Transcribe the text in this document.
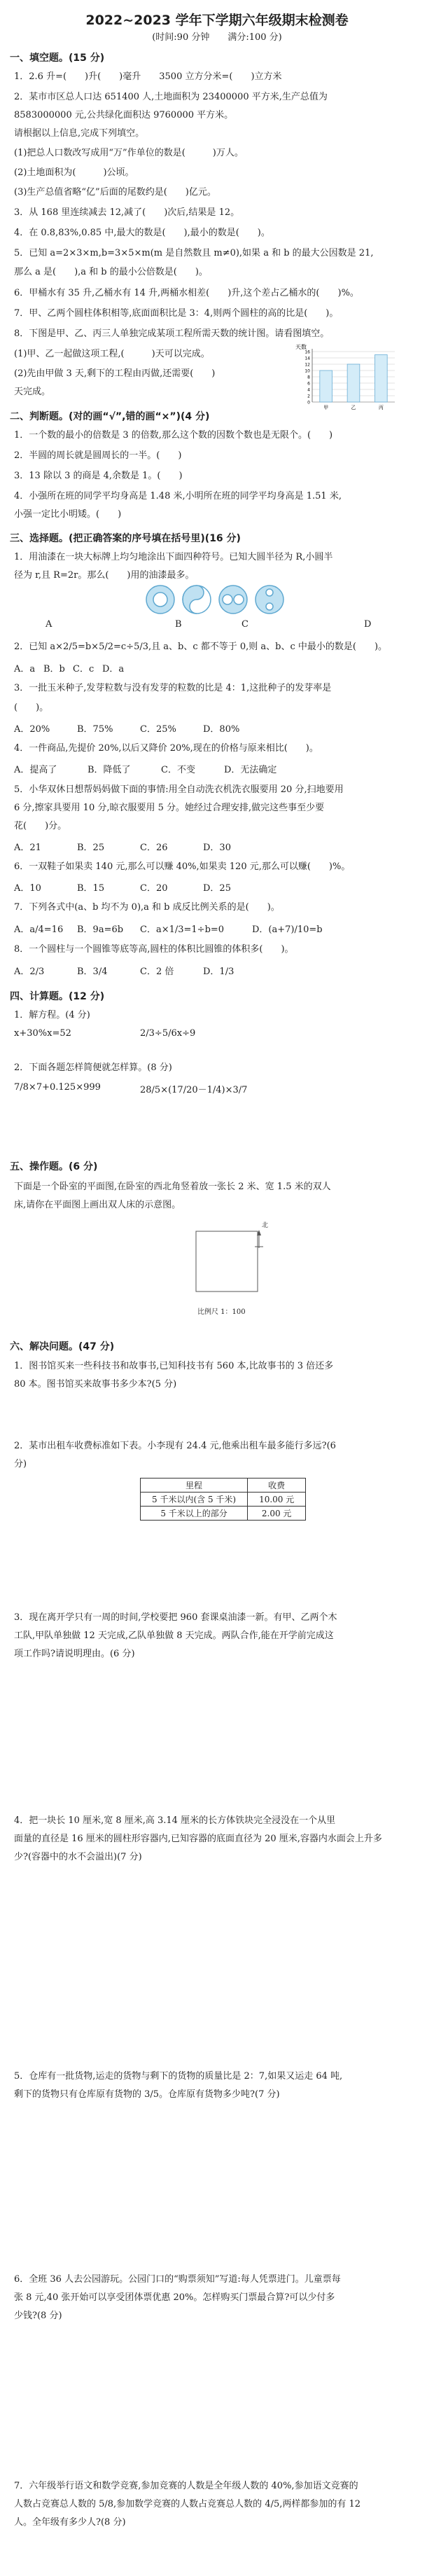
2022~2023 学年下学期六年级期末检测卷
(时间:90 分钟　　满分:100 分)
一、填空题。(15 分)
1．2.6 升=(　　)升(　　)毫升　　3500 立方分米=(　　)立方米
2．某市市区总人口达 651400 人,土地面积为 23400000 平方米,生产总值为
8583000000 元,公共绿化面积达 9760000 平方米。
请根据以上信息,完成下列填空。
(1)把总人口数改写成用“万”作单位的数是(　　　)万人。
(2)土地面积为(　　　)公顷。
(3)生产总值省略“亿”后面的尾数约是(　　)亿元。
3．从 168 里连续减去 12,减了(　　)次后,结果是 12。
4．在 0.8,83%,0.85 中,最大的数是(　　),最小的数是(　　)。
5．已知 a=2×3×m,b=3×5×m(m 是自然数且 m≠0),如果 a 和 b 的最大公因数是 21,
那么 a 是(　　),a 和 b 的最小公倍数是(　　)。
6．甲桶水有 35 升,乙桶水有 14 升,两桶水相差(　　)升,这个差占乙桶水的(　　)%。
7．甲、乙两个圆柱体积相等,底面面积比是 3：4,则两个圆柱的高的比是(　　)。
8．下图是甲、乙、丙三人单独完成某项工程所需天数的统计图。请看图填空。
(1)甲、乙一起做这项工程,(　　　)天可以完成。
(2)先由甲做 3 天,剩下的工程由丙做,还需要(　　)
天完成。
天数
0
2
4
6
8
10
12
14
16
甲	乙	丙
二、判断题。(对的画“√”,错的画“×”)(4 分)
1．一个数的最小的倍数是 3 的倍数,那么这个数的因数个数也是无限个。(　　)
2．半圆的周长就是圆周长的一半。(　　)
3．13 除以 3 的商是 4,余数是 1。(　　)
4．小强所在班的同学平均身高是 1.48 米,小明所在班的同学平均身高是 1.51 米,
小强一定比小明矮。(　　)
三、选择题。(把正确答案的序号填在括号里)(16 分)
1．用油漆在一块大标牌上均匀地涂出下面四种符号。已知大圆半径为 R,小圆半
径为 r,且 R=2r。那么(　　)用的油漆最多。
A	B	C	D
2．已知 a×2/5=b×5/2=c÷5/3,且 a、b、c 都不等于 0,则 a、b、c 中最小的数是(　　)。
A．a B．b C．c D．a
3．一批玉米种子,发芽粒数与没有发芽的粒数的比是 4：1,这批种子的发芽率是
(　　)。
A．20%	B．75%	C．25%	D．80%
4．一件商品,先提价 20%,以后又降价 20%,现在的价格与原来相比(　　)。
A．提高了	B．降低了	C．不变	D．无法确定
5．小华双休日想帮妈妈做下面的事情:用全自动洗衣机洗衣服要用 20 分,扫地要用
6 分,擦家具要用 10 分,晾衣服要用 5 分。她经过合理安排,做完这些事至少要
花(　　)分。
A．21	B．25	C．26	D．30
6．一双鞋子如果卖 140 元,那么可以赚 40%,如果卖 120 元,那么可以赚(　　)%。
A．10	B．15	C．20	D．25
7．下列各式中(a、b 均不为 0),a 和 b 成反比例关系的是(　　)。
A．a/4=16 B．9a=6b C．a×1/3=1÷b=0	D．(a+7)/10=b
8．一个圆柱与一个圆锥等底等高,圆柱的体积比圆锥的体积多(　　)。
A．2/3	B．3/4	C．2 倍	D．1/3
四、计算题。(12 分)
1．解方程。(4 分)
x+30%x=52	2/3÷5/6x÷9
2．下面各题怎样简便就怎样算。(8 分)
7/8×7+0.125×999	28/5×(17/20－1/4)×3/7
五、操作题。(6 分)
下面是一个卧室的平面图,在卧室的西北角竖着放一张长 2 米、宽 1.5 米的双人
床,请你在平面图上画出双人床的示意图。
北
比例尺 1：100
六、解决问题。(47 分)
1．图书馆买来一些科技书和故事书,已知科技书有 560 本,比故事书的 3 倍还多
80 本。图书馆买来故事书多少本?(5 分)
2．某市出租车收费标准如下表。小李现有 24.4 元,他乘出租车最多能行多远?(6
分)
里程	收费
5 千米以内(含 5 千米)	10.00 元
5 千米以上的部分	2.00 元
3．现在离开学只有一周的时间,学校要把 960 套课桌油漆一新。有甲、乙两个木
工队,甲队单独做 12 天完成,乙队单独做 8 天完成。两队合作,能在开学前完成这
项工作吗?请说明理由。(6 分)
4．把一块长 10 厘米,宽 8 厘米,高 3.14 厘米的长方体铁块完全浸没在一个从里
面量的直径是 16 厘米的圆柱形容器内,已知容器的底面直径为 20 厘米,容器内水面会上升多
少?(容器中的水不会溢出)(7 分)
5．仓库有一批货物,运走的货物与剩下的货物的质量比是 2：7,如果又运走 64 吨,
剩下的货物只有仓库原有货物的 3/5。仓库原有货物多少吨?(7 分)
6．全班 36 人去公园游玩。公园门口的“购票须知”写道:每人凭票进门。儿童票每
张 8 元,40 张开始可以享受团体票优惠 20%。怎样购买门票最合算?可以少付多
少钱?(8 分)
7．六年级举行语文和数学竞赛,参加竞赛的人数是全年级人数的 40%,参加语文竞赛的
人数占竞赛总人数的 5/8,参加数学竞赛的人数占竞赛总人数的 4/5,两样都参加的有 12
人。全年级有多少人?(8 分)
